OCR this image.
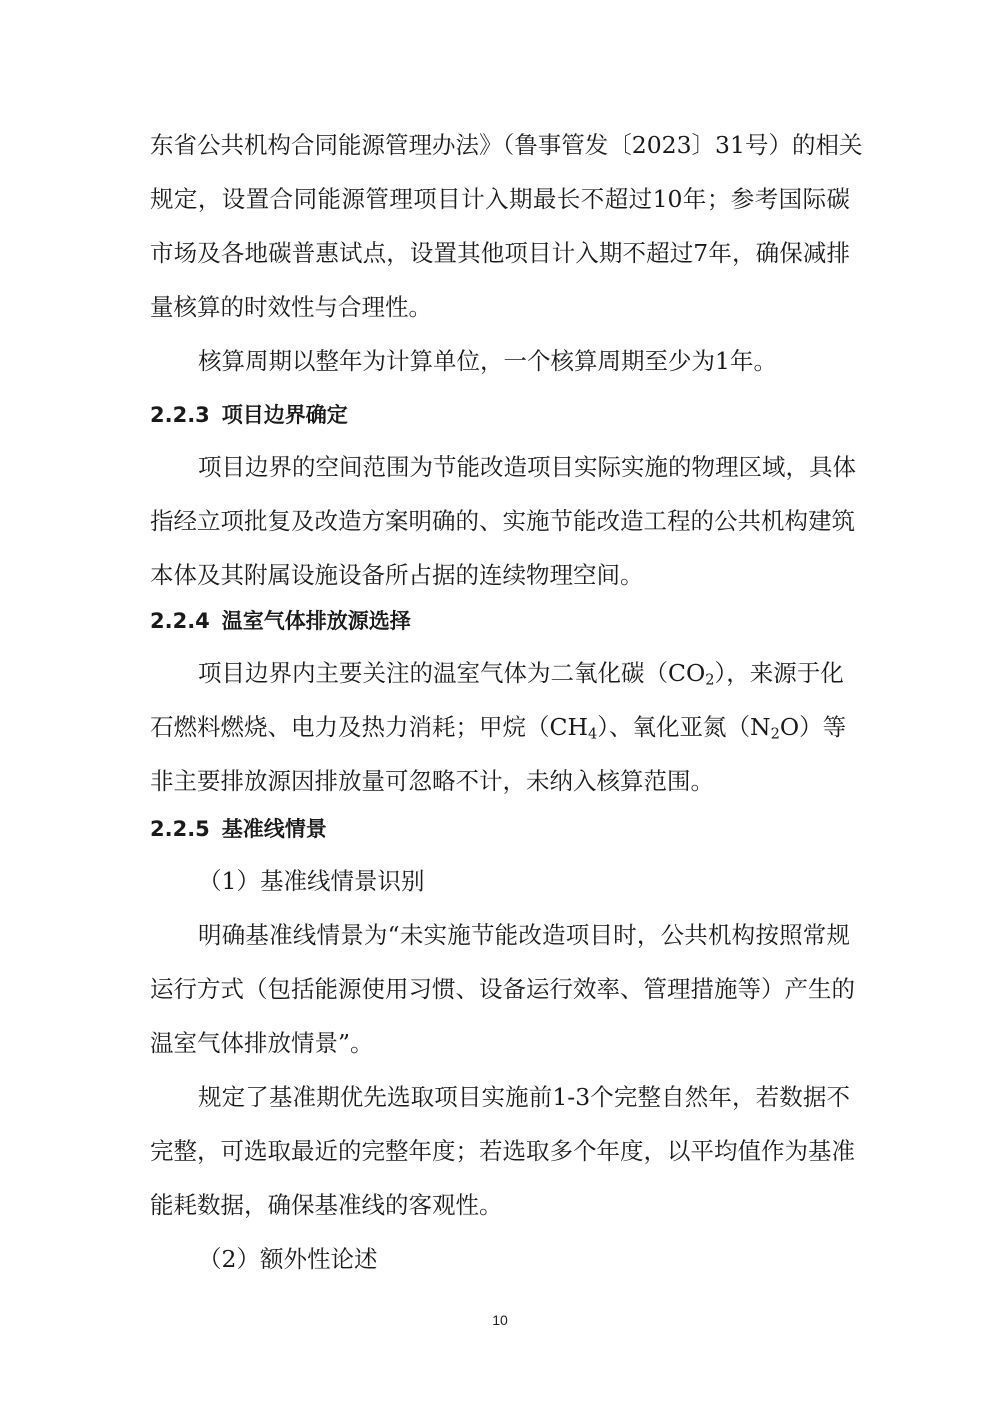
东省公共机构合同能源管理办法》（鲁事管发〔2023〕31号）的相关
规定，设置合同能源管理项目计入期最长不超过10年；参考国际碳
市场及各地碳普惠试点，设置其他项目计入期不超过7年，确保减排
量核算的时效性与合理性。
核算周期以整年为计算单位，一个核算周期至少为1年。
2.2.3 项目边界确定
项目边界的空间范围为节能改造项目实际实施的物理区域，具体
指经立项批复及改造方案明确的、实施节能改造工程的公共机构建筑
本体及其附属设施设备所占据的连续物理空间。
2.2.4 温室气体排放源选择
项目边界内主要关注的温室气体为二氧化碳$(CO_2)$，来源于化
石燃料燃烧、电力及热力消耗；甲烷$(CH_4)$、氧化亚氮$(N_2O)$等
非主要排放源因排放量可忽略不计，未纳入核算范围。
2.2.5 基准线情景
（1）基准线情景识别
明确基准线情景为“未实施节能改造项目时，公共机构按照常规
运行方式（包括能源使用习惯、设备运行效率、管理措施等）产生的
温室气体排放情景”。
规定了基准期优先选取项目实施前1-3个完整自然年，若数据不
完整，可选取最近的完整年度；若选取多个年度，以平均值作为基准
能耗数据，确保基准线的客观性。
（2）额外性论述
10
